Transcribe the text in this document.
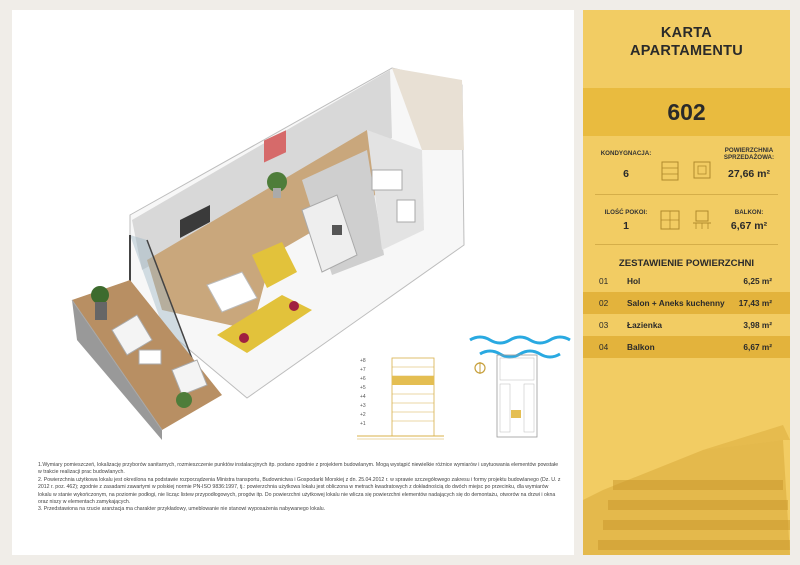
+8
+7
+6
+5
+4
+3
+2
+1

1.Wymiary pomieszczeń, lokalizację przyborów sanitarnych, rozmieszczenie punktów instalacyjnych itp. podano zgodnie z projektem budowlanym. Mogą wystąpić niewielkie różnice wymiarów i usytuowania elementów powstałe w trakcie realizacji prac budowlanych.

2. Powierzchnia użytkowa lokalu jest określona na podstawie rozporządzenia Ministra transportu, Budownictwa i Gospodarki Morskiej z dn. 25.04.2012 r. w sprawie szczegółowego zakresu i formy projektu budowlanego (Dz. U. z 2012 r. poz. 462); zgodnie z zasadami zawartymi w polskiej normie PN-ISO 9836:1997, tj.: powierzchnia użytkowa lokalu jest obliczona w metrach kwadratowych z dokładnością do dwóch miejsc po przecinku, dla wymiarów lokalu w stanie wykończonym, na poziomie podłogi, nie licząc listew przypodłogowych, progów itp. Do powierzchni użytkowej lokalu nie wlicza się powierzchni elementów nadających się do demontażu, otworów na drzwi i okna oraz niszy w elementach zamykających.

3. Przedstawiona na rzucie aranżacja ma charakter przykładowy, umeblowanie nie stanowi wyposażenia nabywanego lokalu.

KARTA
APARTAMENTU
602
KONDYGNACJA:
6
POWIERZCHNIA
SPRZEDAŻOWA:
27,66 m²
ILOŚĆ POKOI:
1
BALKON:
6,67 m²
ZESTAWIENIE POWIERZCHNI
01 Hol	6,25 m²
02 Salon + Aneks kuchenny 17,43 m²
03 Łazienka	3,98 m²
04 Balkon	6,67 m²
